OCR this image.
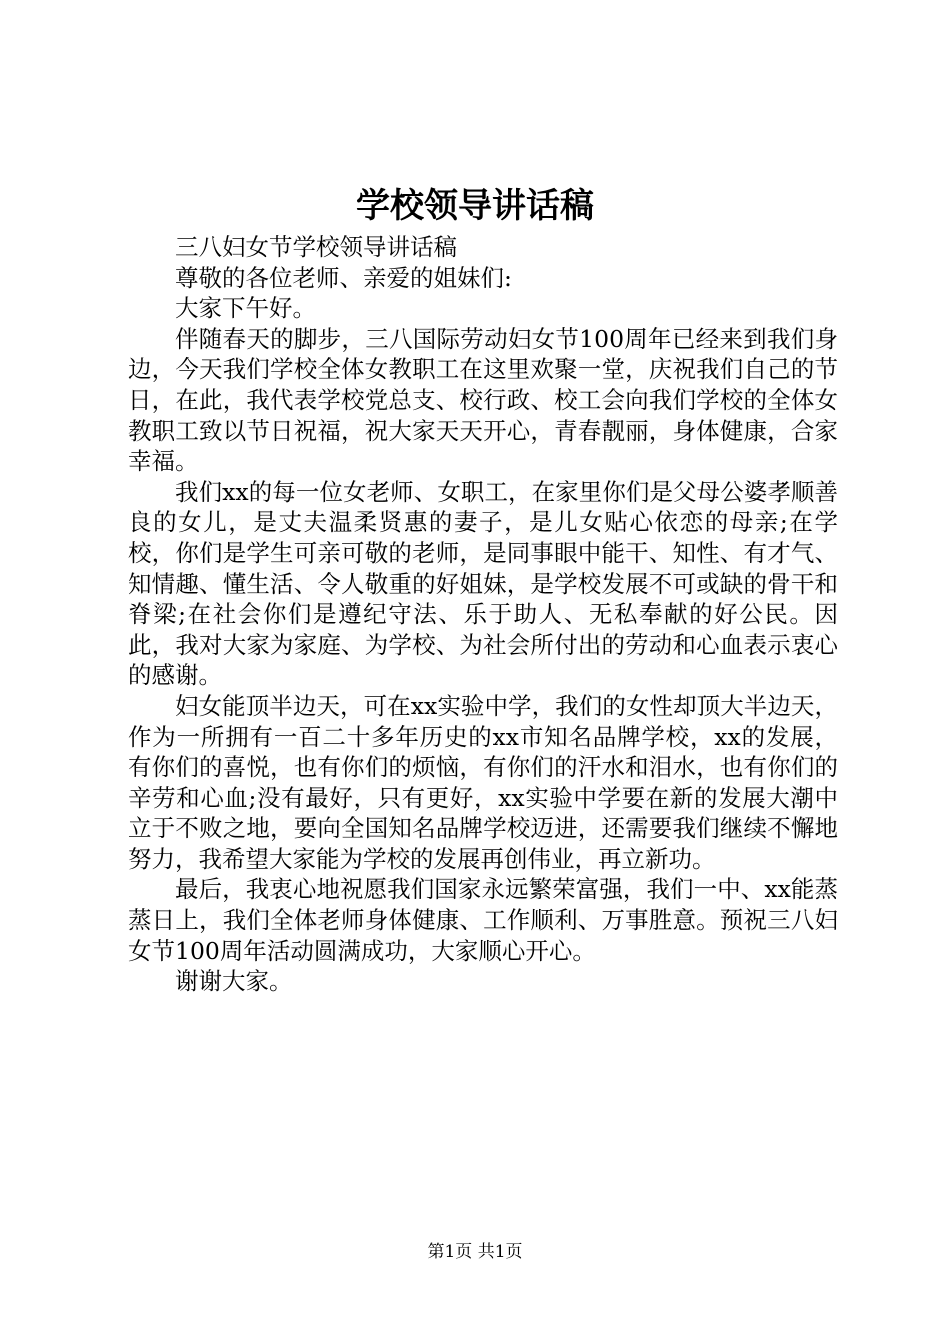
学校领导讲话稿

三八妇女节学校领导讲话稿

尊敬的各位老师、亲爱的姐妹们:

大家下午好。

伴随春天的脚步，三八国际劳动妇女节100周年已经来到我们身边，今天我们学校全体女教职工在这里欢聚一堂，庆祝我们自己的节日，在此，我代表学校党总支、校行政、校工会向我们学校的全体女教职工致以节日祝福，祝大家天天开心，青春靓丽，身体健康，合家幸福。

我们xx的每一位女老师、女职工，在家里你们是父母公婆孝顺善良的女儿，是丈夫温柔贤惠的妻子，是儿女贴心依恋的母亲;在学校，你们是学生可亲可敬的老师，是同事眼中能干、知性、有才气、知情趣、懂生活、令人敬重的好姐妹，是学校发展不可或缺的骨干和脊梁;在社会你们是遵纪守法、乐于助人、无私奉献的好公民。因此，我对大家为家庭、为学校、为社会所付出的劳动和心血表示衷心的感谢。

妇女能顶半边天，可在xx实验中学，我们的女性却顶大半边天，作为一所拥有一百二十多年历史的xx市知名品牌学校，xx的发展，有你们的喜悦，也有你们的烦恼，有你们的汗水和泪水，也有你们的辛劳和心血;没有最好，只有更好，xx实验中学要在新的发展大潮中立于不败之地，要向全国知名品牌学校迈进，还需要我们继续不懈地努力，我希望大家能为学校的发展再创伟业，再立新功。

最后，我衷心地祝愿我们国家永远繁荣富强，我们一中、xx能蒸蒸日上，我们全体老师身体健康、工作顺利、万事胜意。预祝三八妇女节100周年活动圆满成功，大家顺心开心。

谢谢大家。

第1页 共1页
